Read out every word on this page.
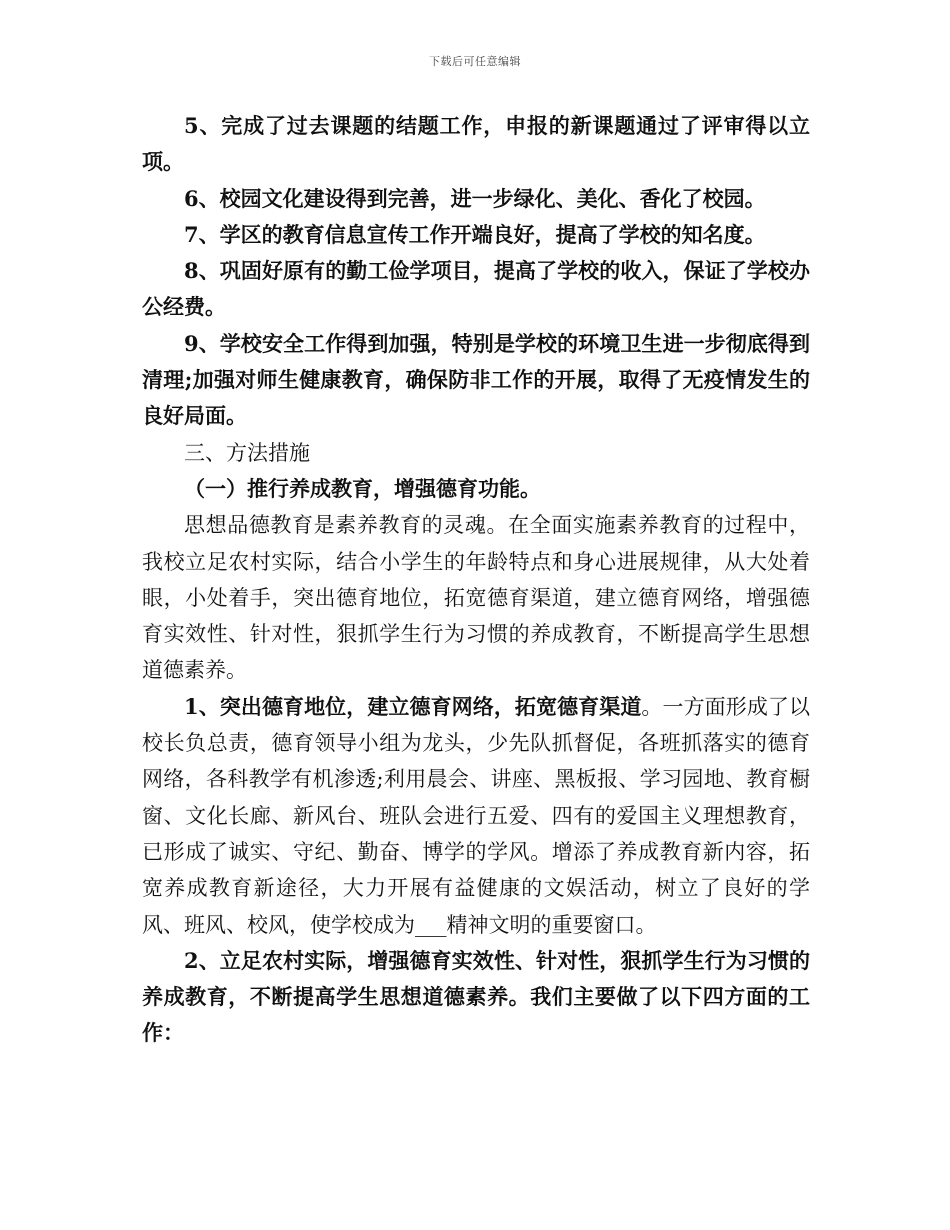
下载后可任意编辑

5、完成了过去课题的结题工作，申报的新课题通过了评审得以立项。

6、校园文化建设得到完善，进一步绿化、美化、香化了校园。

7、学区的教育信息宣传工作开端良好，提高了学校的知名度。

8、巩固好原有的勤工俭学项目，提高了学校的收入，保证了学校办公经费。

9、学校安全工作得到加强，特别是学校的环境卫生进一步彻底得到清理;加强对师生健康教育，确保防非工作的开展，取得了无疫情发生的良好局面。

三、方法措施

（一）推行养成教育，增强德育功能。

思想品德教育是素养教育的灵魂。在全面实施素养教育的过程中，我校立足农村实际，结合小学生的年龄特点和身心进展规律，从大处着眼，小处着手，突出德育地位，拓宽德育渠道，建立德育网络，增强德育实效性、针对性，狠抓学生行为习惯的养成教育，不断提高学生思想道德素养。

1、突出德育地位，建立德育网络，拓宽德育渠道。一方面形成了以校长负总责，德育领导小组为龙头，少先队抓督促，各班抓落实的德育网络，各科教学有机渗透;利用晨会、讲座、黑板报、学习园地、教育橱窗、文化长廊、新风台、班队会进行五爱、四有的爱国主义理想教育，已形成了诚实、守纪、勤奋、博学的学风。增添了养成教育新内容，拓宽养成教育新途径，大力开展有益健康的文娱活动，树立了良好的学风、班风、校风，使学校成为___精神文明的重要窗口。

2、立足农村实际，增强德育实效性、针对性，狠抓学生行为习惯的养成教育，不断提高学生思想道德素养。我们主要做了以下四方面的工作：
